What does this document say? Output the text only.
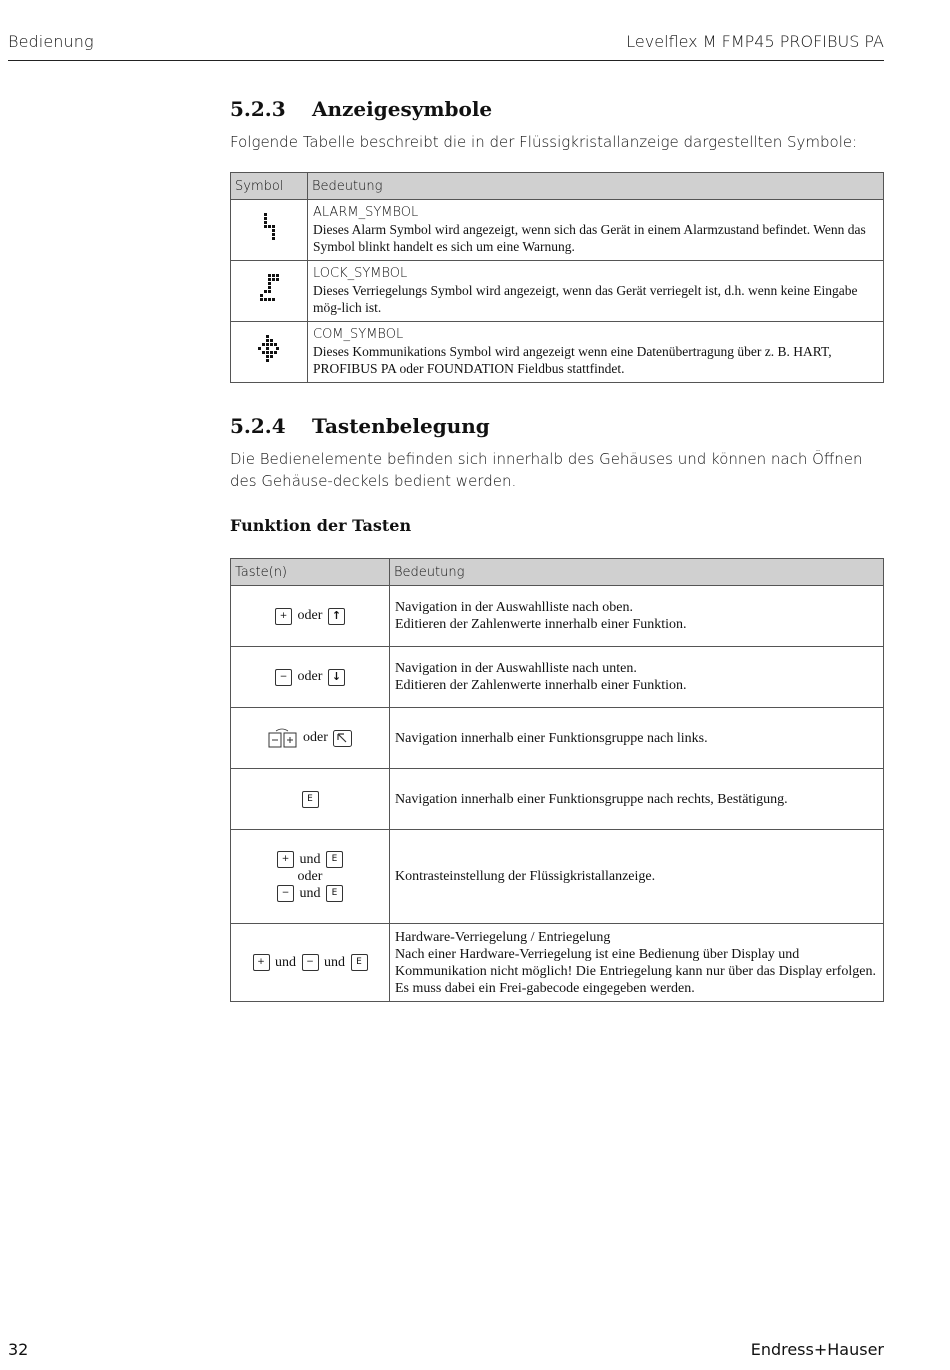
Bedienung	Levelflex M FMP45 PROFIBUS PA
5.2.3 Anzeigesymbole

Folgende Tabelle beschreibt die in der Flüssigkristallanzeige dargestellten Symbole:

Symbol	Bedeutung

ALARM_SYMBOL
Dieses Alarm Symbol wird angezeigt, wenn sich das Gerät in einem Alarmzustand befindet. Wenn das Symbol blinkt handelt es sich um eine Warnung.

LOCK_SYMBOL
Dieses Verriegelungs Symbol wird angezeigt, wenn das Gerät verriegelt ist, d.h. wenn keine Eingabe mög-lich ist.

COM_SYMBOL
Dieses Kommunikations Symbol wird angezeigt wenn eine Datenübertragung über z. B. HART, PROFIBUS PA oder FOUNDATION Fieldbus stattfindet.
5.2.4 Tastenbelegung

Die Bedienelemente befinden sich innerhalb des Gehäuses und können nach Öffnen des Gehäuse-deckels bedient werden.

Funktion der Tasten
Taste(n)	Bedeutung
+ oder ↑	Navigation in der Auswahlliste nach oben.
Editieren der Zahlenwerte innerhalb einer Funktion.

− oder ↓	Navigation in der Auswahlliste nach unten.
Editieren der Zahlenwerte innerhalb einer Funktion.

oder	Navigation innerhalb einer Funktionsgruppe nach links.

E	Navigation innerhalb einer Funktionsgruppe nach rechts, Bestätigung.

+ und E
oder
− und E	Kontrasteinstellung der Flüssigkristallanzeige.

+ und − und E	Hardware-Verriegelung / Entriegelung
Nach einer Hardware-Verriegelung ist eine Bedienung über Display und Kommunikation nicht möglich! Die Entriegelung kann nur über das Display erfolgen. Es muss dabei ein Frei-gabecode eingegeben werden.
32	Endress+Hauser
